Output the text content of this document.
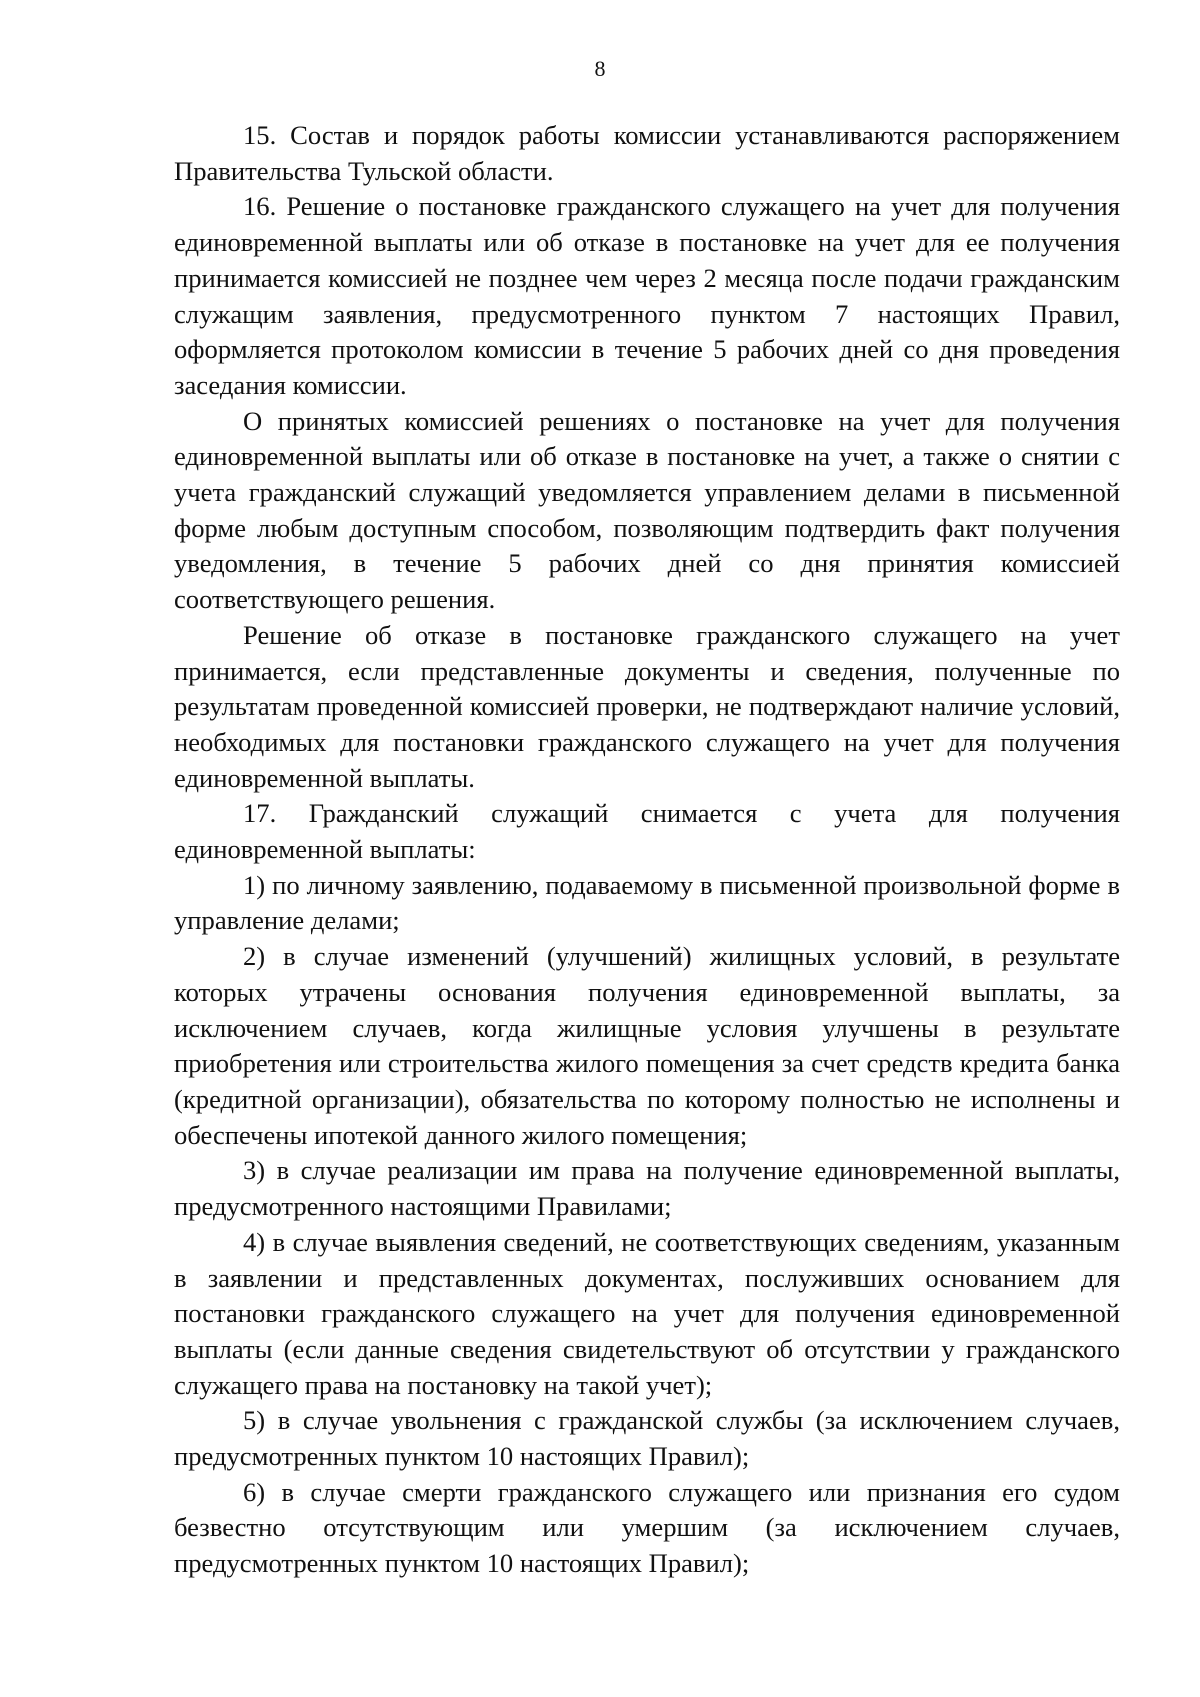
8

15. Состав и порядок работы комиссии устанавливаются распоряжением Правительства Тульской области.

16. Решение о постановке гражданского служащего на учет для получения единовременной выплаты или об отказе в постановке на учет для ее получения принимается комиссией не позднее чем через 2 месяца после подачи гражданским служащим заявления, предусмотренного пунктом 7 настоящих Правил, оформляется протоколом комиссии в течение 5 рабочих дней со дня проведения заседания комиссии.

О принятых комиссией решениях о постановке на учет для получения единовременной выплаты или об отказе в постановке на учет, а также о снятии с учета гражданский служащий уведомляется управлением делами в письменной форме любым доступным способом, позволяющим подтвердить факт получения уведомления, в течение 5 рабочих дней со дня принятия комиссией соответствующего решения.

Решение об отказе в постановке гражданского служащего на учет принимается, если представленные документы и сведения, полученные по результатам проведенной комиссией проверки, не подтверждают наличие условий, необходимых для постановки гражданского служащего на учет для получения единовременной выплаты.

17. Гражданский служащий снимается с учета для получения единовременной выплаты:

1) по личному заявлению, подаваемому в письменной произвольной форме в управление делами;

2) в случае изменений (улучшений) жилищных условий, в результате которых утрачены основания получения единовременной выплаты, за исключением случаев, когда жилищные условия улучшены в результате приобретения или строительства жилого помещения за счет средств кредита банка (кредитной организации), обязательства по которому полностью не исполнены и обеспечены ипотекой данного жилого помещения;

3) в случае реализации им права на получение единовременной выплаты, предусмотренного настоящими Правилами;

4) в случае выявления сведений, не соответствующих сведениям, указанным в заявлении и представленных документах, послуживших основанием для постановки гражданского служащего на учет для получения единовременной выплаты (если данные сведения свидетельствуют об отсутствии у гражданского служащего права на постановку на такой учет);

5) в случае увольнения с гражданской службы (за исключением случаев, предусмотренных пунктом 10 настоящих Правил);

6) в случае смерти гражданского служащего или признания его судом безвестно отсутствующим или умершим (за исключением случаев, предусмотренных пунктом 10 настоящих Правил);
